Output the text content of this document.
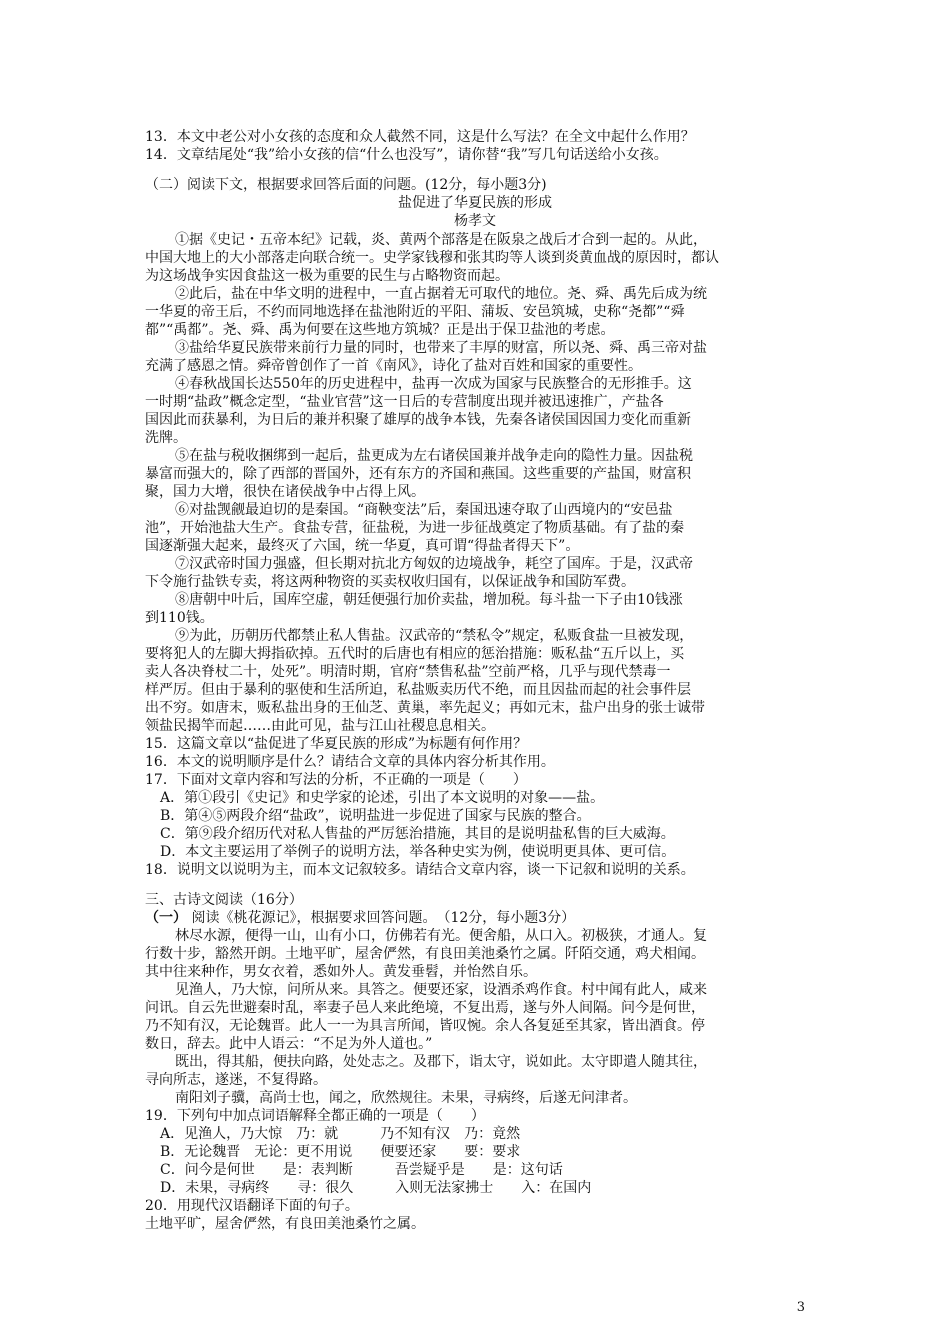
13．本文中老公对小女孩的态度和众人截然不同，这是什么写法？在全文中起什么作用？
14．文章结尾处“我”给小女孩的信“什么也没写”，请你替“我”写几句话送给小女孩。
（二）阅读下文，根据要求回答后面的问题。(12分，每小题3分)
盐促进了华夏民族的形成
杨孝文
①据《史记・五帝本纪》记载，炎、黄两个部落是在阪泉之战后才合到一起的。从此，
中国大地上的大小部落走向联合统一。史学家钱穆和张其昀等人谈到炎黄血战的原因时，都认
为这场战争实因食盐这一极为重要的民生与占略物资而起。
②此后，盐在中华文明的进程中，一直占据着无可取代的地位。尧、舜、禹先后成为统
一华夏的帝王后，不约而同地选择在盐池附近的平阳、蒲坂、安邑筑城，史称“尧都”“舜
都”“禹都”。尧、舜、禹为何要在这些地方筑城？正是出于保卫盐池的考虑。
③盐给华夏民族带来前行力量的同时，也带来了丰厚的财富，所以尧、舜、禹三帝对盐
充满了感恩之情。舜帝曾创作了一首《南风》，诗化了盐对百姓和国家的重要性。
④春秋战国长达550年的历史进程中，盐再一次成为国家与民族整合的无形推手。这
一时期“盐政”概念定型，“盐业官营”这一日后的专营制度出现并被迅速推广，产盐各
国因此而获暴利，为日后的兼并积聚了雄厚的战争本钱，先秦各诸侯国因国力变化而重新
洗牌。
⑤在盐与税收捆绑到一起后，盐更成为左右诸侯国兼并战争走向的隐性力量。因盐税
暴富而强大的，除了西部的晋国外，还有东方的齐国和燕国。这些重要的产盐国，财富积
聚，国力大增，很快在诸侯战争中占得上风。
⑥对盐觊觎最迫切的是秦国。“商鞅变法”后，秦国迅速夺取了山西境内的“安邑盐
池”，开始池盐大生产。食盐专营，征盐税，为进一步征战奠定了物质基础。有了盐的秦
国逐渐强大起来，最终灭了六国，统一华夏，真可谓“得盐者得天下”。
⑦汉武帝时国力强盛，但长期对抗北方匈奴的边境战争，耗空了国库。于是，汉武帝
下令施行盐铁专卖，将这两种物资的买卖权收归国有，以保证战争和国防军费。
⑧唐朝中叶后，国库空虚，朝廷便强行加价卖盐，增加税。每斗盐一下子由10钱涨
到110钱。
⑨为此，历朝历代都禁止私人售盐。汉武帝的“禁私令”规定，私贩食盐一旦被发现，
要将犯人的左脚大拇指砍掉。五代时的后唐也有相应的惩治措施：贩私盐“五斤以上，买
卖人各决脊杖二十，处死”。明清时期，官府“禁售私盐”空前严格，几乎与现代禁毒一
样严厉。但由于暴利的驱使和生活所迫，私盐贩卖历代不绝，而且因盐而起的社会事件层
出不穷。如唐末，贩私盐出身的王仙芝、黄巢，率先起义；再如元末，盐户出身的张士诚带
领盐民揭竿而起……由此可见，盐与江山社稷息息相关。
15．这篇文章以“盐促进了华夏民族的形成”为标题有何作用？
16．本文的说明顺序是什么？请结合文章的具体内容分析其作用。
17．下面对文章内容和写法的分析，不正确的一项是（　　）
A．第①段引《史记》和史学家的论述，引出了本文说明的对象——盐。
B．第④⑤两段介绍“盐政”，说明盐进一步促进了国家与民族的整合。
C．第⑨段介绍历代对私人售盐的严厉惩治措施，其目的是说明盐私售的巨大威海。
D．本文主要运用了举例子的说明方法，举各种史实为例，使说明更具体、更可信。
18．说明文以说明为主，而本文记叙较多。请结合文章内容，谈一下记叙和说明的关系。
三、古诗文阅读（16分）
（一） 阅读《桃花源记》，根据要求回答问题。　（12分，每小题3分）
林尽水源，便得一山，山有小口，仿佛若有光。便舍船，从口入。初极狭，才通人。复
行数十步，豁然开朗。土地平旷，屋舍俨然，有良田美池桑竹之属。阡陌交通，鸡犬相闻。
其中往来种作，男女衣着，悉如外人。黄发垂髫，并怡然自乐。
见渔人，乃大惊，问所从来。具答之。便要还家，设酒杀鸡作食。村中闻有此人，咸来
问讯。自云先世避秦时乱，率妻子邑人来此绝境，不复出焉，遂与外人间隔。问今是何世，
乃不知有汉，无论魏晋。此人一一为具言所闻，皆叹惋。余人各复延至其家，皆出酒食。停
数日，辞去。此中人语云：“不足为外人道也。”
既出，得其船，便扶向路，处处志之。及郡下，诣太守，说如此。太守即遣人随其往，
寻向所志，遂迷，不复得路。
南阳刘子骥，高尚士也，闻之，欣然规往。未果，寻病终，后遂无问津者。
19．下列句中加点词语解释全都正确的一项是（　　）
A．见渔人，乃大惊　乃：就　　　乃不知有汉　乃：竟然
B．无论魏晋　无论：更不用说　　便要还家　　要：要求
C．问今是何世　　是：表判断　　　吾尝疑乎是　　是：这句话
D．未果，寻病终　　寻：很久　　　入则无法家拂士　　入：在国内
20．用现代汉语翻译下面的句子。
3
土地平旷，屋舍俨然，有良田美池桑竹之属。
